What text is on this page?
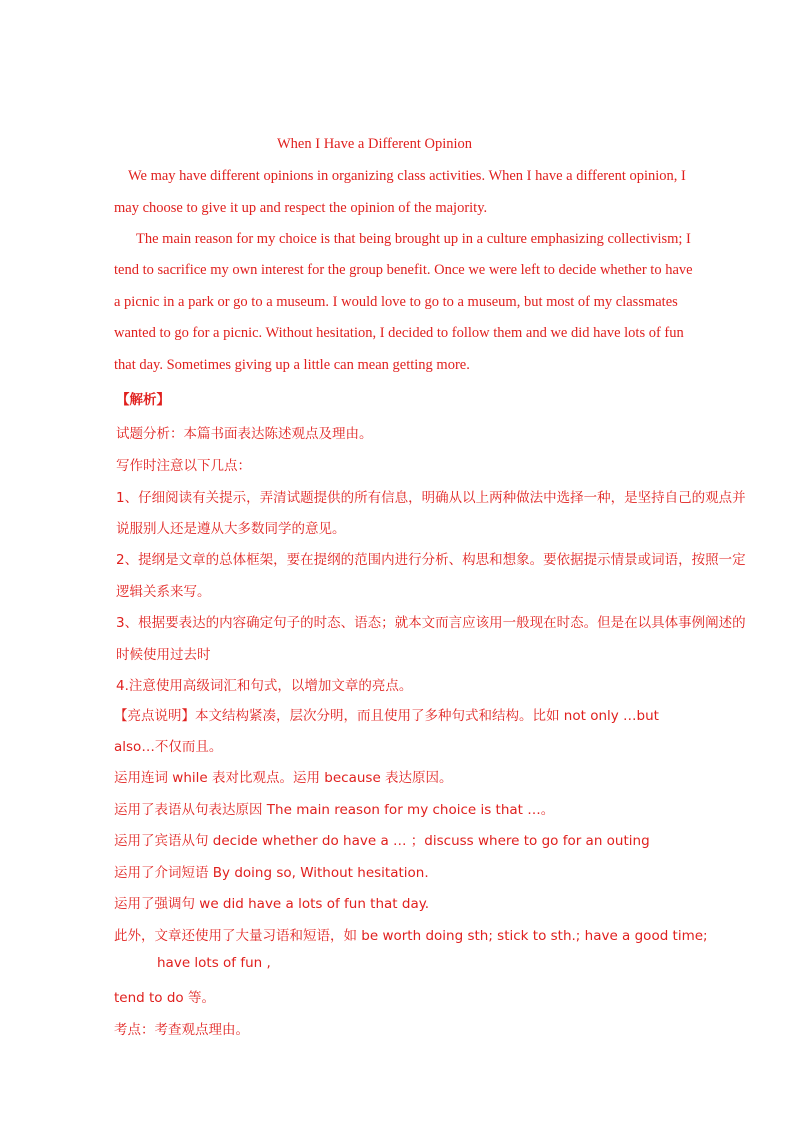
When I Have a Different Opinion
We may have different opinions in organizing class activities. When I have a different opinion, I
may choose to give it up and respect the opinion of the majority.
The main reason for my choice is that being brought up in a culture emphasizing collectivism; I
tend to sacrifice my own interest for the group benefit. Once we were left to decide whether to have
a picnic in a park or go to a museum. I would love to go to a museum, but most of my classmates
wanted to go for a picnic. Without hesitation, I decided to follow them and we did have lots of fun
that day. Sometimes giving up a little can mean getting more.
【解析】
试题分析：本篇书面表达陈述观点及理由。
写作时注意以下几点：
1、仔细阅读有关提示，弄清试题提供的所有信息，明确从以上两种做法中选择一种，是坚持自己的观点并
说服别人还是遵从大多数同学的意见。
2、提纲是文章的总体框架，要在提纲的范围内进行分析、构思和想象。要依据提示情景或词语，按照一定
逻辑关系来写。
3、根据要表达的内容确定句子的时态、语态；就本文而言应该用一般现在时态。但是在以具体事例阐述的
时候使用过去时
4.注意使用高级词汇和句式，以增加文章的亮点。
【亮点说明】本文结构紧凑，层次分明，而且使用了多种句式和结构。比如 not only …but
also…不仅而且。
运用连词 while 表对比观点。运用 because 表达原因。
运用了表语从句表达原因 The main reason for my choice is that …。
运用了宾语从句 decide whether do have a … ；discuss where to go for an outing
运用了介词短语 By doing so, Without hesitation.
运用了强调句 we did have a lots of fun that day.
此外，文章还使用了大量习语和短语，如 be worth doing sth; stick to sth.; have a good time;
have lots of fun ,
tend to do 等。
考点：考查观点理由。
